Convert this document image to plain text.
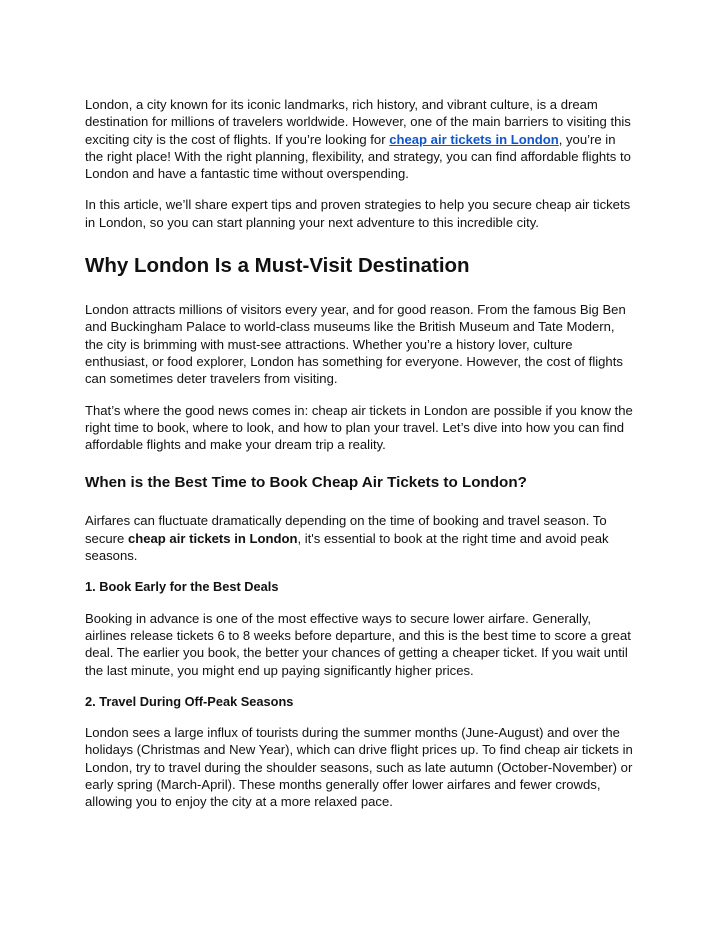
London, a city known for its iconic landmarks, rich history, and vibrant culture, is a dream destination for millions of travelers worldwide. However, one of the main barriers to visiting this exciting city is the cost of flights. If you’re looking for cheap air tickets in London, you’re in the right place! With the right planning, flexibility, and strategy, you can find affordable flights to London and have a fantastic time without overspending.

In this article, we’ll share expert tips and proven strategies to help you secure cheap air tickets in London, so you can start planning your next adventure to this incredible city.

Why London Is a Must-Visit Destination

London attracts millions of visitors every year, and for good reason. From the famous Big Ben and Buckingham Palace to world-class museums like the British Museum and Tate Modern, the city is brimming with must-see attractions. Whether you’re a history lover, culture enthusiast, or food explorer, London has something for everyone. However, the cost of flights can sometimes deter travelers from visiting.

That’s where the good news comes in: cheap air tickets in London are possible if you know the right time to book, where to look, and how to plan your travel. Let’s dive into how you can find affordable flights and make your dream trip a reality.

When is the Best Time to Book Cheap Air Tickets to London?

Airfares can fluctuate dramatically depending on the time of booking and travel season. To secure cheap air tickets in London, it's essential to book at the right time and avoid peak seasons.

1. Book Early for the Best Deals

Booking in advance is one of the most effective ways to secure lower airfare. Generally, airlines release tickets 6 to 8 weeks before departure, and this is the best time to score a great deal. The earlier you book, the better your chances of getting a cheaper ticket. If you wait until the last minute, you might end up paying significantly higher prices.

2. Travel During Off-Peak Seasons

London sees a large influx of tourists during the summer months (June-August) and over the holidays (Christmas and New Year), which can drive flight prices up. To find cheap air tickets in London, try to travel during the shoulder seasons, such as late autumn (October-November) or early spring (March-April). These months generally offer lower airfares and fewer crowds, allowing you to enjoy the city at a more relaxed pace.
